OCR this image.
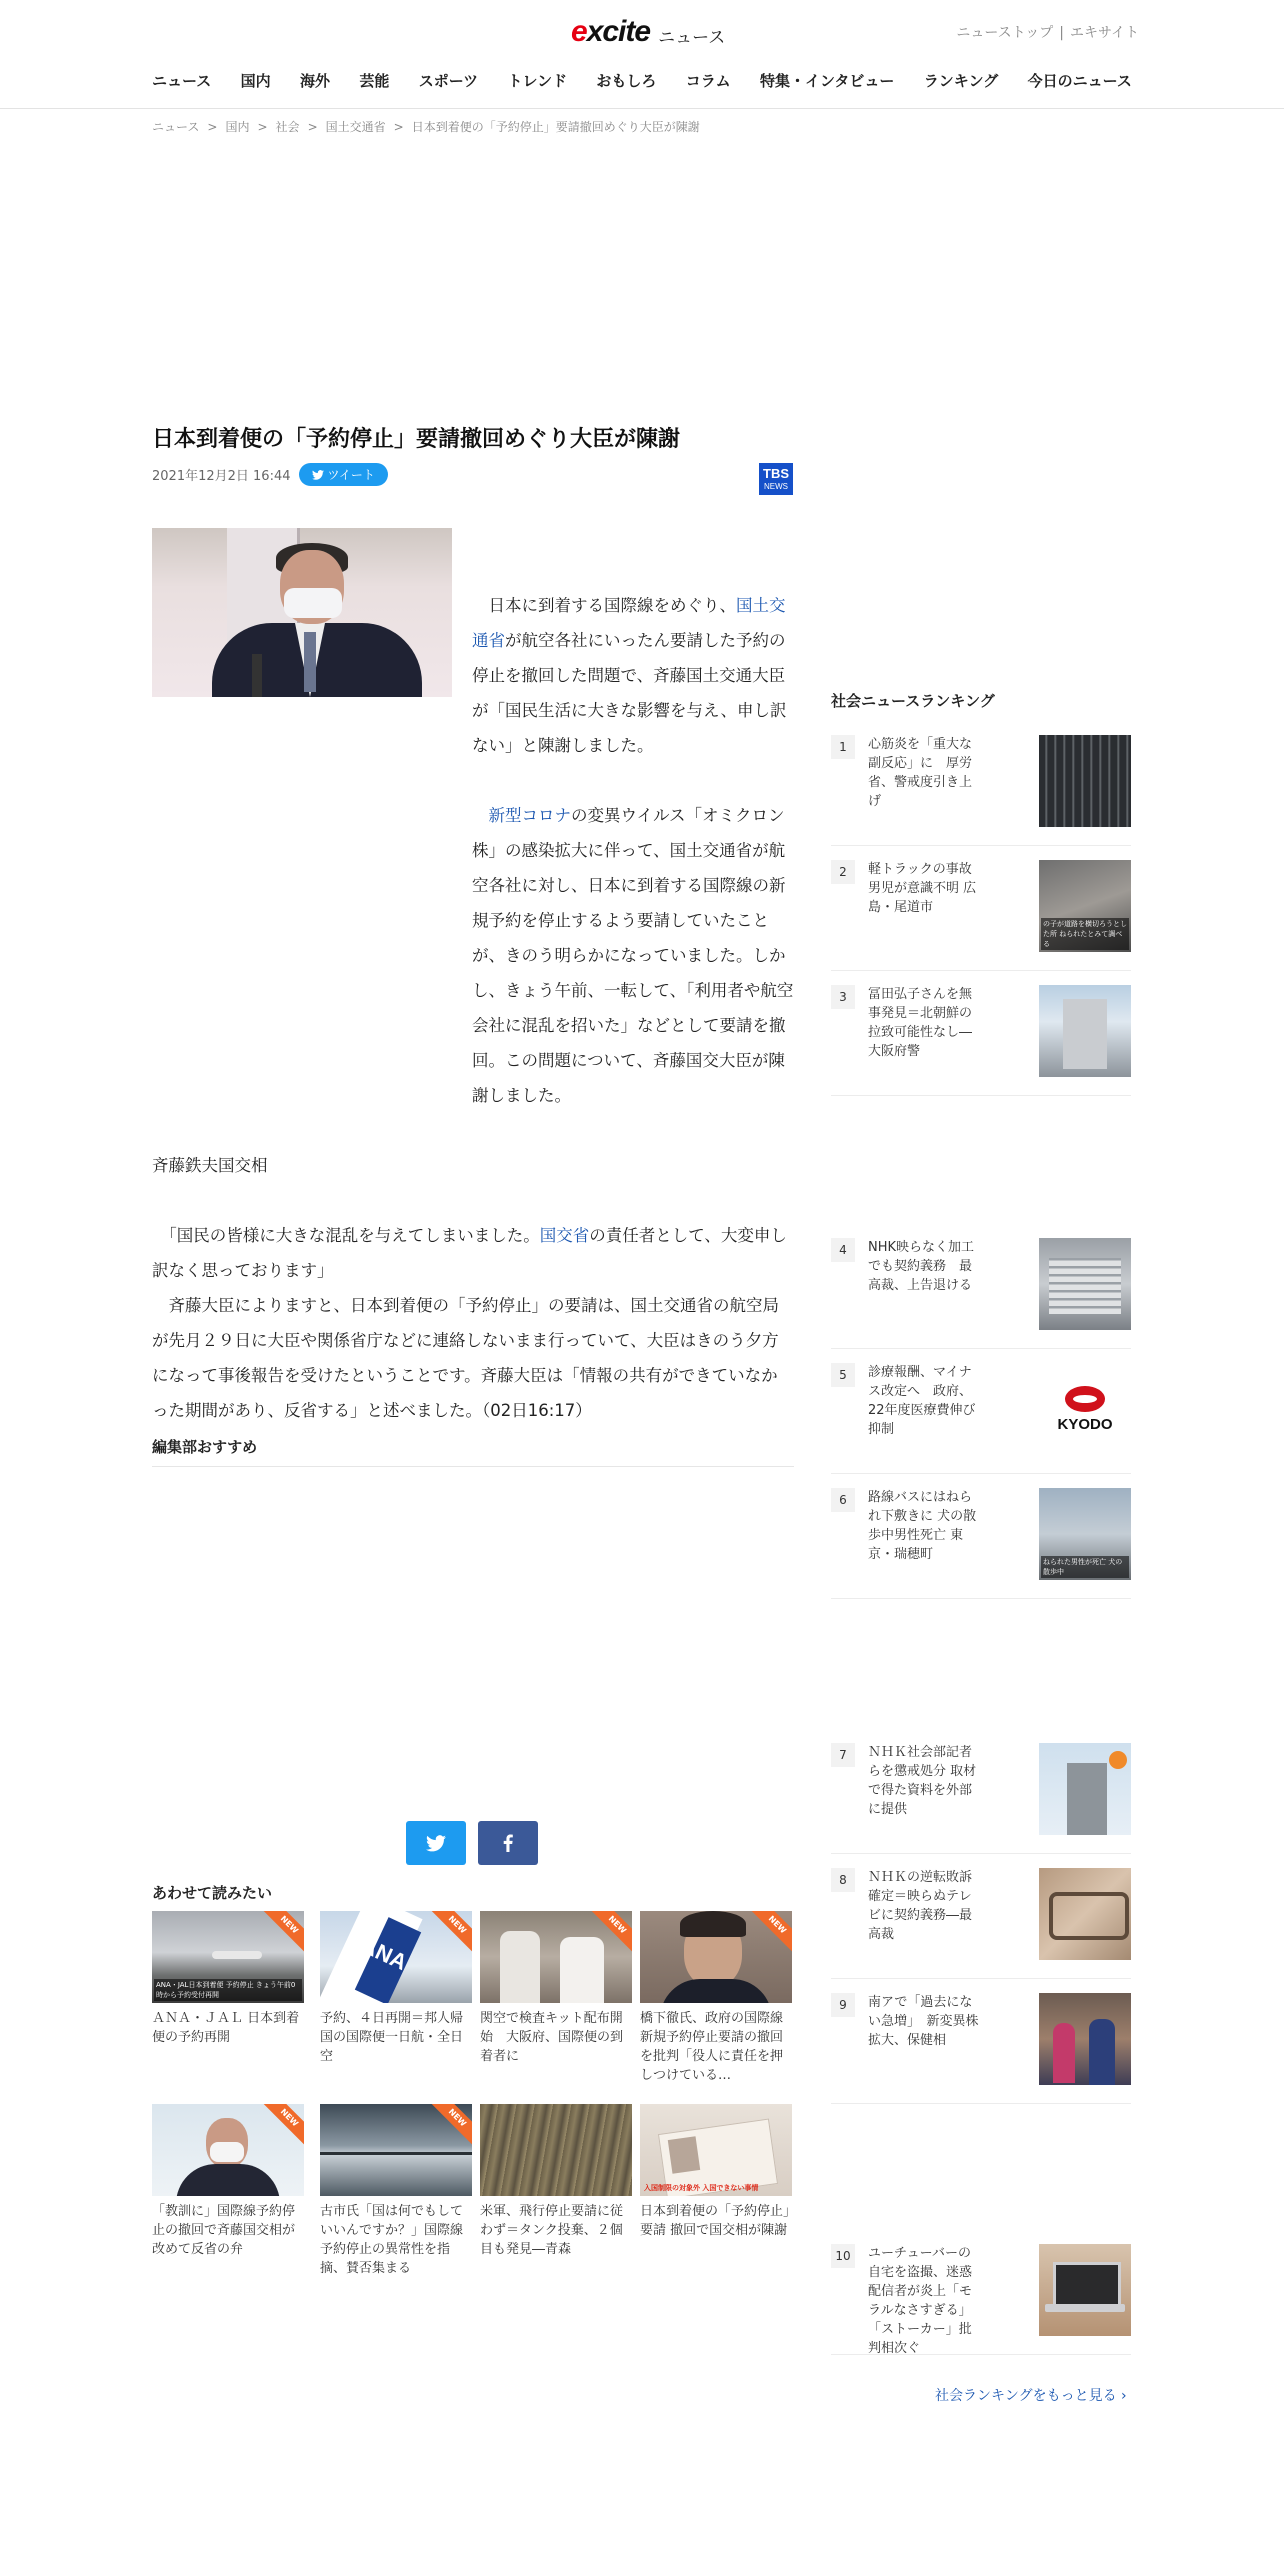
excite ニュース	ニューストップ | エキサイト
ニュース 国内 海外 芸能 スポーツ トレンド おもしろ コラム 特集・インタビュー ランキング 今日のニュース
ニュース > 国内 > 社会 > 国土交通省 > 日本到着便の「予約停止」要請撤回めぐり大臣が陳謝
日本到着便の「予約停止」要請撤回めぐり大臣が陳謝
2021年12月2日 16:44	ツイート	TBS
NEWS

　日本に到着する国際線をめぐり、国土交通省が航空各社にいったん要請した予約の停止を撤回した問題で、斉藤国土交通大臣が「国民生活に大きな影響を与え、申し訳ない」と陳謝しました。

　新型コロナの変異ウイルス「オミクロン株」の感染拡大に伴って、国土交通省が航空各社に対し、日本に到着する国際線の新規予約を停止するよう要請していたことが、きのう明らかになっていました。しかし、きょう午前、一転して、「利用者や航空会社に混乱を招いた」などとして要請を撤回。この問題について、斉藤国交大臣が陳謝しました。

斉藤鉄夫国交相

　「国民の皆様に大きな混乱を与えてしまいました。国交省の責任者として、大変申し訳なく思っております」

　斉藤大臣によりますと、日本到着便の「予約停止」の要請は、国土交通省の航空局が先月２９日に大臣や関係省庁などに連絡しないまま行っていて、大臣はきのう夕方になって事後報告を受けたということです。斉藤大臣は「情報の共有ができていなかった期間があり、反省する」と述べました。（02日16:17）

編集部おすすめ
あわせて読みたい
ANA・JAL日本到着便 予約停止 きょう午前0時から予約受付再開
NEW
ＡＮＡ・ＪＡＬ 日本到着便の予約再開
ANA
NEW
予約、４日再開＝邦人帰国の国際便一日航・全日空
NEW
関空で検査キット配布開始　大阪府、国際便の到着者に
NEW
橋下徹氏、政府の国際線新規予約停止要請の撤回を批判「役人に責任を押しつけている…
NEW
「教訓に」国際線予約停止の撤回で斉藤国交相が改めて反省の弁
NEW
古市氏「国は何でもしていいんですか？」国際線予約停止の異常性を指摘、賛否集まる
米軍、飛行停止要請に従わず＝タンク投棄、２個目も発見―青森
入国制限の対象外 入国できない事情
日本到着便の「予約停止」要請 撤回で国交相が陳謝
社会ニュースランキング
1	心筋炎を「重大な副反応」に　厚労省、警戒度引き上げ
2	軽トラックの事故 男児が意識不明 広島・尾道市
の子が道路を横切ろうとした所 ねられたとみて調べる
3	冨田弘子さんを無事発見＝北朝鮮の拉致可能性なし―大阪府警
4	NHK映らなく加工でも契約義務　最高裁、上告退ける
5	診療報酬、マイナス改定へ　政府、22年度医療費伸び抑制	KYODO
6	路線バスにはねられ下敷きに 犬の散歩中男性死亡 東京・瑞穂町	ねられた男性が死亡 犬の散歩中
7	ＮＨＫ社会部記者らを懲戒処分 取材で得た資料を外部に提供
8	ＮＨＫの逆転敗訴確定＝映らぬテレビに契約義務―最高裁
9	南アで「過去にない急増」　新変異株拡大、保健相
10	ユーチューバーの自宅を盗撮、迷惑配信者が炎上「モラルなさすぎる」「ストーカー」批判相次ぐ
社会ランキングをもっと見る ›
